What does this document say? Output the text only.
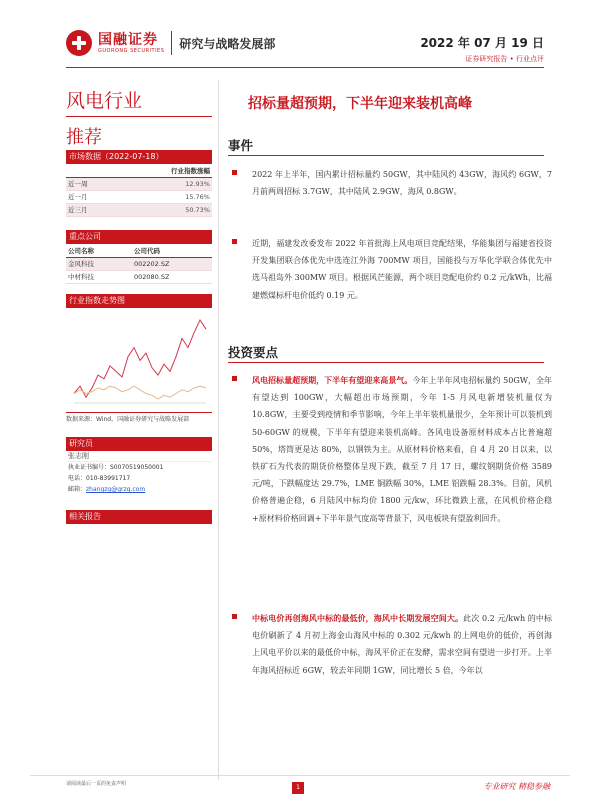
国融证券
GUORONG SECURITIES 研究与战略发展部	2022 年 07 月 19 日
证券研究报告 • 行业点评
风电行业
推荐
招标量超预期，下半年迎来装机高峰
市场数据（2022-07-18）
行业指数涨幅
近一周	12.93%
近一月	15.76%
近三月	50.73%
重点公司
公司名称	公司代码
金风科技	002202.SZ
中材科技	002080.SZ
行业指数走势图
数据来源：Wind，国融证券研究与战略发展部
研究员
张志刚
执业证书编号：S0070519050001
电话：010-83991717
邮箱：zhangzg@grzq.com
相关报告
事件
2022 年上半年，国内累计招标量约 50GW，其中陆风约 43GW，海风约 6GW，7 月前两周招标 3.7GW，其中陆风 2.9GW，海风 0.8GW。
近期，福建发改委发布 2022 年首批海上风电项目竞配结果，华能集团与福建省投资开发集团联合体优先中选连江外海 700MW 项目，国能投与万华化学联合体优先中选马祖岛外 300MW 项目。根据风芒能源，两个项目竞配电价约 0.2 元/kWh，比福建燃煤标杆电价低约 0.19 元。
投资要点
风电招标量超预期，下半年有望迎来高景气。今年上半年风电招标量约 50GW，全年有望达到 100GW，大幅超出市场预期，今年 1-5 月风电新增装机量仅为 10.8GW，主要受到疫情和季节影响，今年上半年装机量很少，全年预计可以装机到 50-60GW 的规模，下半年有望迎来装机高峰。各风电设备原材料成本占比普遍超 50%，塔筒更是达 80%，以钢铁为主。从原材料价格来看，自 4 月 20 日以来，以铁矿石为代表的期货价格整体呈现下跌，截至 7 月 17 日，螺纹钢期货价格 3589 元/吨，下跌幅度达 29.7%，LME 铜跌幅 30%，LME 铝跌幅 28.3%。目前，风机价格普遍企稳，6 月陆风中标均价 1800 元/kw，环比微跌上涨，在风机价格企稳+原材料价格回调+下半年景气度高等背景下，风电板块有望盈利回升。
中标电价再创海风中标的最低价，海风中长期发展空间大。此次 0.2 元/kwh 的中标电价刷新了 4 月初上海金山海风中标的 0.302 元/kwh 的上网电价的低价，再创海上风电平价以来的最低价中标，海风平价正在发酵，需求空间有望进一步打开。上半年海风招标近 6GW，较去年同期 1GW，同比增长 5 倍，今年以
请阅读最后一页的免责声明	1	专业研究 精稳参融
